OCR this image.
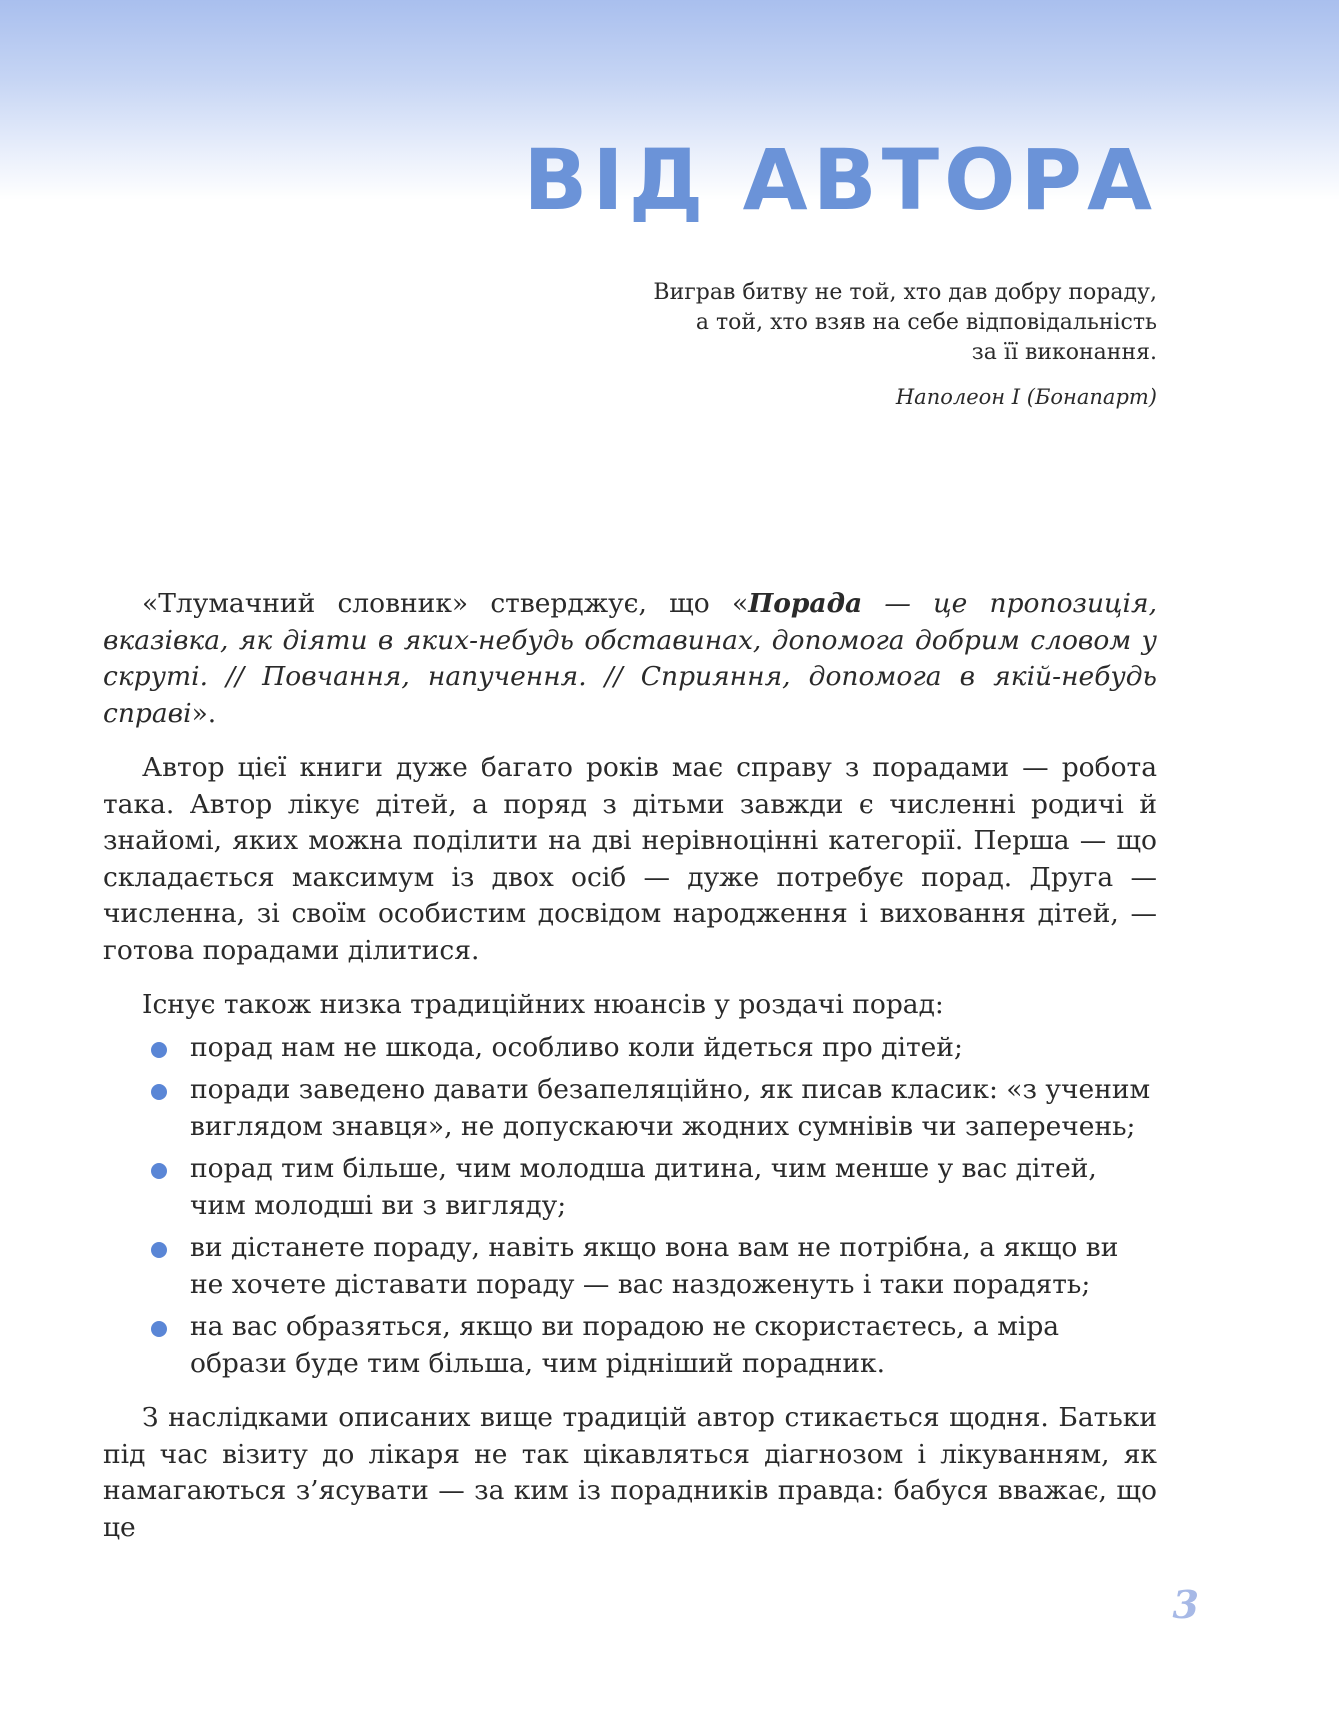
ВІД АВТОРА
Виграв битву не той, хто дав добру пораду,
а той, хто взяв на себе відповідальність
за її виконання.
Наполеон I (Бонапарт)

«Тлумачний словник» стверджує, що «Порада — це пропозиція, вказівка, як діяти в яких-небудь обставинах, допомога добрим словом у скруті. // Повчання, напучення. // Сприяння, допомога в якій-небудь справі».

Автор цієї книги дуже багато років має справу з порадами — робота така. Автор лікує дітей, а поряд з дітьми завжди є численні родичі й знайомі, яких можна поділити на дві нерівноцінні категорії. Перша — що складається максимум із двох осіб — дуже потребує порад. Друга — численна, зі своїм особистим досвідом народження і виховання дітей, — готова порадами ділитися.

Існує також низка традиційних нюансів у роздачі порад:

порад нам не шкода, особливо коли йдеться про дітей;
поради заведено давати безапеляційно, як писав класик: «з ученим виглядом знавця», не допускаючи жодних сумнівів чи заперечень;
порад тим більше, чим молодша дитина, чим менше у вас дітей, чим молодші ви з вигляду;
ви дістанете пораду, навіть якщо вона вам не потрібна, а якщо ви не хочете діставати пораду — вас наздоженуть і таки порадять;
на вас образяться, якщо ви порадою не скористаєтесь, а міра образи буде тим більша, чим рідніший порадник.

З наслідками описаних вище традицій автор стикається щодня. Батьки під час візиту до лікаря не так цікавляться діагнозом і лікуванням, як намагаються з’ясувати — за ким із порадників правда: бабуся вважає, що це

3
